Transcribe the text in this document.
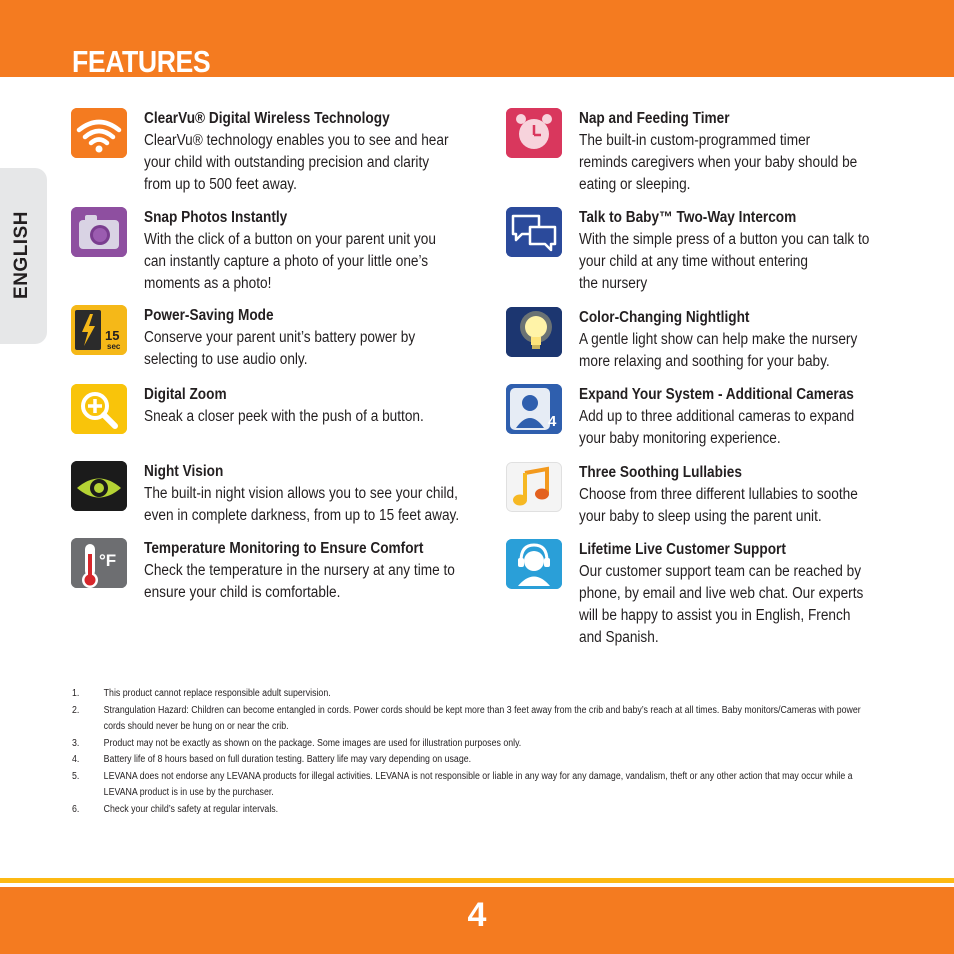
FEATURES
ENGLISH
ClearVu® Digital Wireless Technology
ClearVu® technology enables you to see and hear
your child with outstanding precision and clarity
from up to 500 feet away.
Snap Photos Instantly
With the click of a button on your parent unit you
can instantly capture a photo of your little one’s
moments as a photo!
15
sec
Power-Saving Mode
Conserve your parent unit’s battery power by
selecting to use audio only.
Digital Zoom
Sneak a closer peek with the push of a button.
Night Vision
The built-in night vision allows you to see your child,
even in complete darkness, from up to 15 feet away.
°F
Temperature Monitoring to Ensure Comfort
Check the temperature in the nursery at any time to
ensure your child is comfortable.
Nap and Feeding Timer
The built-in custom-programmed timer
reminds caregivers when your baby should be
eating or sleeping.
Talk to Baby™ Two-Way Intercom
With the simple press of a button you can talk to
your child at any time without entering
the nursery
Color-Changing Nightlight
A gentle light show can help make the nursery
more relaxing and soothing for your baby.
4
Expand Your System - Additional Cameras
Add up to three additional cameras to expand
your baby monitoring experience.
Three Soothing Lullabies
Choose from three different lullabies to soothe
your baby to sleep using the parent unit.
Lifetime Live Customer Support
Our customer support team can be reached by
phone, by email and live web chat. Our experts
will be happy to assist you in English, French
and Spanish.
1. This product cannot replace responsible adult supervision.
2. Strangulation Hazard: Children can become entangled in cords. Power cords should be kept more than 3 feet away from the crib and baby’s reach at all times. Baby monitors/Cameras with power cords should never be hung on or near the crib.
3. Product may not be exactly as shown on the package. Some images are used for illustration purposes only.
4. Battery life of 8 hours based on full duration testing. Battery life may vary depending on usage.
5. LEVANA does not endorse any LEVANA products for illegal activities. LEVANA is not responsible or liable in any way for any damage, vandalism, theft or any other action that may occur while a LEVANA product is in use by the purchaser.
6. Check your child’s safety at regular intervals.
4
